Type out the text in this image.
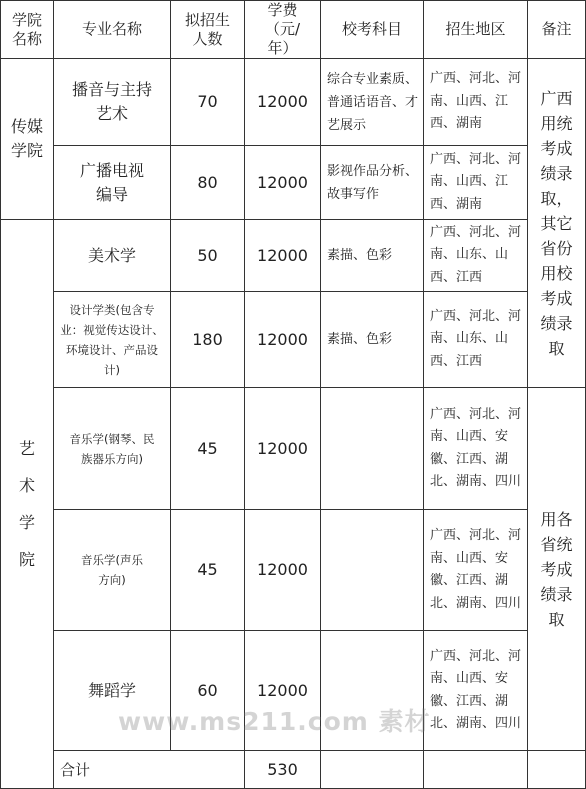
学院名称	专业名称	拟招生人数	学费（元/年）	校考科目	招生地区	备注	
传媒学院	播音与主持艺术	70	12000	综合专业素质、普通话语音、才艺展示	广西、河北、河南、山西、江西、湖南	广西用统考成绩录取，其它省份用校考成绩录取	
	广播电视编导	80	12000	影视作品分析、故事写作	广西、河北、河南、山西、江西、湖南		
艺术学院	美术学	50	12000	素描、色彩	广西、河北、河南、山东、山西、江西		
	设计学类(包含专业：视觉传达设计、环境设计、产品设计)	180	12000	素描、色彩	广西、河北、河南、山东、山西、江西		
	音乐学(钢琴、民族器乐方向)	45	12000		广西、河北、河南、山西、安徽、江西、湖北、湖南、四川	用各省统考成绩录取	
	音乐学(声乐方向)	45	12000		广西、河北、河南、山西、安徽、江西、湖北、湖南、四川		
	舞蹈学	60	12000		广西、河北、河南、山西、安徽、江西、湖北、湖南、四川		
	合计		530				
www.ms211.com 素材
